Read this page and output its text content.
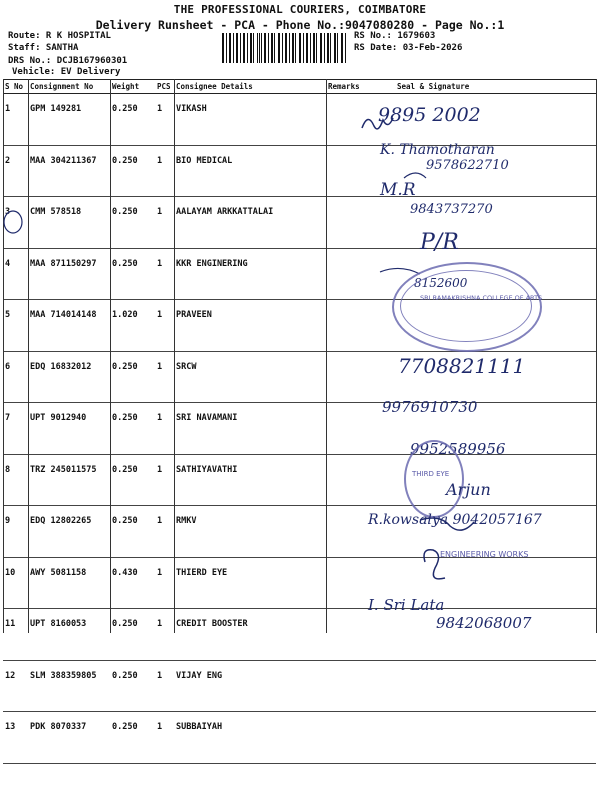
THE PROFESSIONAL COURIERS, COIMBATORE
Delivery Runsheet - PCA - Phone No.:9047080280 - Page No.:1
Route: R K HOSPITAL
Staff: SANTHA
DRS No.: DCJB167960301
Vehicle: EV Delivery
RS No.: 1679603
RS Date: 03-Feb-2026
S No	Consignment No	Weight	PCS	Consignee Details	Remarks	Seal & Signature
1	GPM 149281	0.250	1	VIKASH		
2	MAA 304211367	0.250	1	BIO MEDICAL		
3	CMM 578518	0.250	1	AALAYAM ARKKATTALAI		
4	MAA 871150297	0.250	1	KKR ENGINERING		
5	MAA 714014148	1.020	1	PRAVEEN		
6	EDQ 16832012	0.250	1	SRCW		
7	UPT 9012940	0.250	1	SRI NAVAMANI		
8	TRZ 245011575	0.250	1	SATHIYAVATHI		
9	EDQ 12802265	0.250	1	RMKV		
10	AWY 5081158	0.430	1	THIERD EYE		
11	UPT 8160053	0.250	1	CREDIT BOOSTER		
12	SLM 388359805	0.250	1	VIJAY ENG		
13	PDK 8070337	0.250	1	SUBBAIYAH		
9895 2002
K. Thamotharan
9578622710
M.R
9843737270
P/R
8152600
SRI RAMAKRISHNA COLLEGE OF ARTS
7708821111
9976910730
9952589956
THIRD EYE
Arjun
R.kowsalya 9042057167
ENGINEERING WORKS
I. Sri Lata
9842068007
